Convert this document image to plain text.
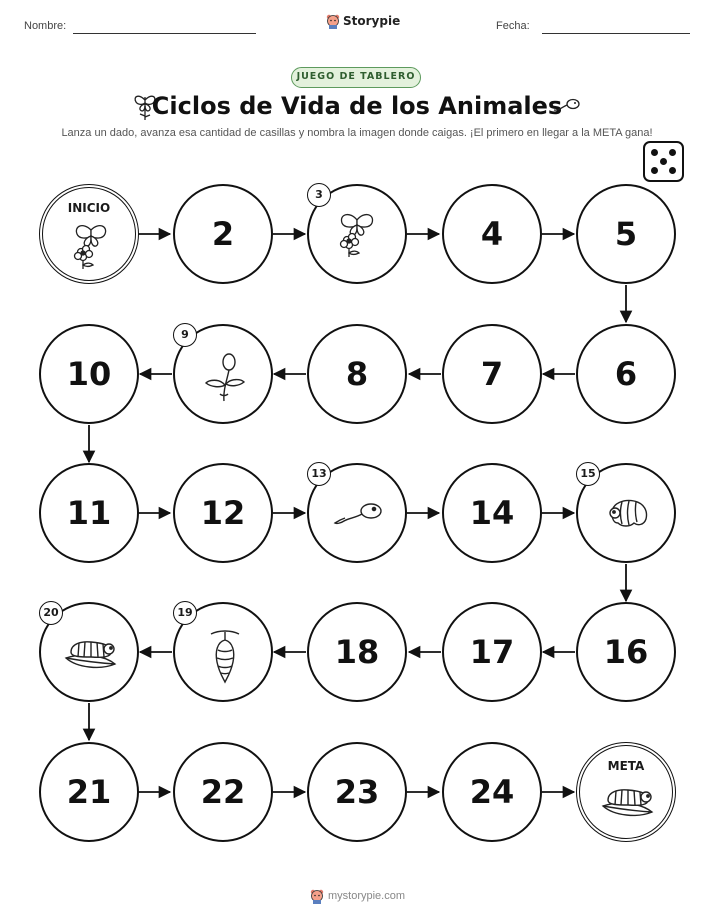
Nombre:	Storypie	Fecha:
JUEGO DE TABLERO
Ciclos de Vida de los Animales
Lanza un dado, avanza esa cantidad de casillas y nombra la imagen donde caigas. ¡El primero en llegar a la META gana!
INICIO
2
3
4	5
10
9
8	7	6
11	12
13
14
15
20	19
18	17	16
21	22	23	24
META
mystorypie.com
